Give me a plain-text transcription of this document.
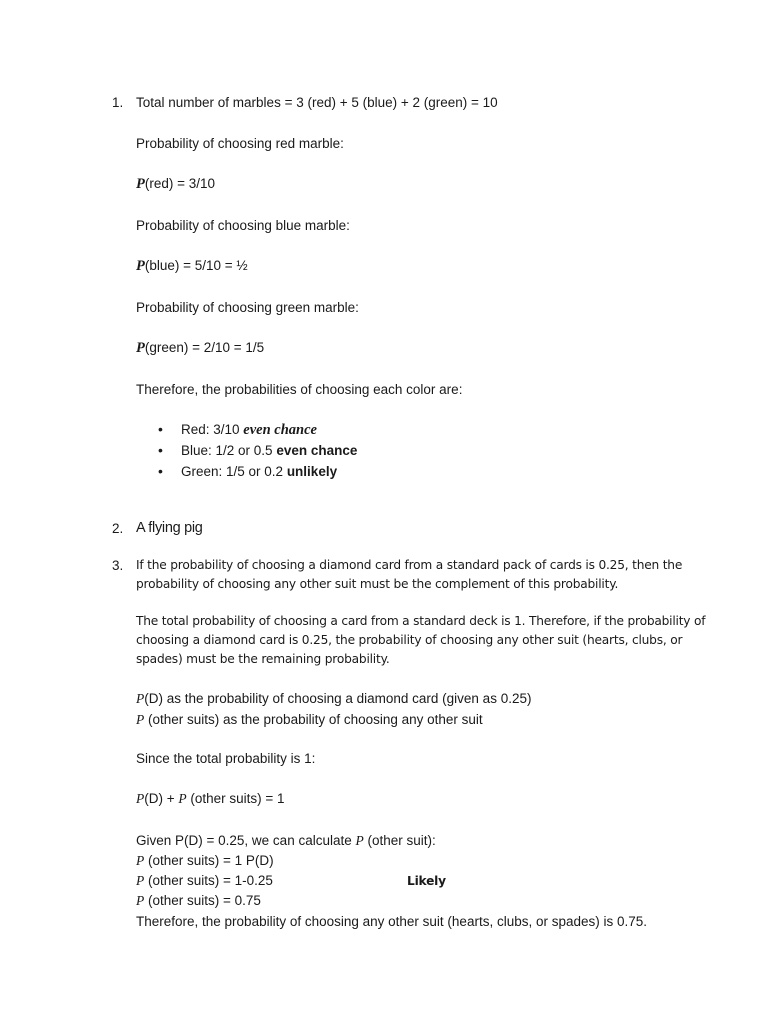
1. Total number of marbles = 3 (red) + 5 (blue) + 2 (green) = 10
Probability of choosing red marble:
P(red) = 3/10
Probability of choosing blue marble:
P(blue) = 5/10 = ½
Probability of choosing green marble:
P(green) = 2/10 = 1/5
Therefore, the probabilities of choosing each color are:
• Red: 3/10 even chance
• Blue: 1/2 or 0.5 even chance
• Green: 1/5 or 0.2 unlikely
2. A flying pig
3. If the probability of choosing a diamond card from a standard pack of cards is 0.25, then the
probability of choosing any other suit must be the complement of this probability.
The total probability of choosing a card from a standard deck is 1. Therefore, if the probability of
choosing a diamond card is 0.25, the probability of choosing any other suit (hearts, clubs, or
spades) must be the remaining probability.
P(D) as the probability of choosing a diamond card (given as 0.25)
P (other suits) as the probability of choosing any other suit
Since the total probability is 1:
P(D) + P (other suits) = 1
Given P(D) = 0.25, we can calculate P (other suit):
P (other suits) = 1 P(D)
P (other suits) = 1-0.25	Likely
P (other suits) = 0.75
Therefore, the probability of choosing any other suit (hearts, clubs, or spades) is 0.75.
